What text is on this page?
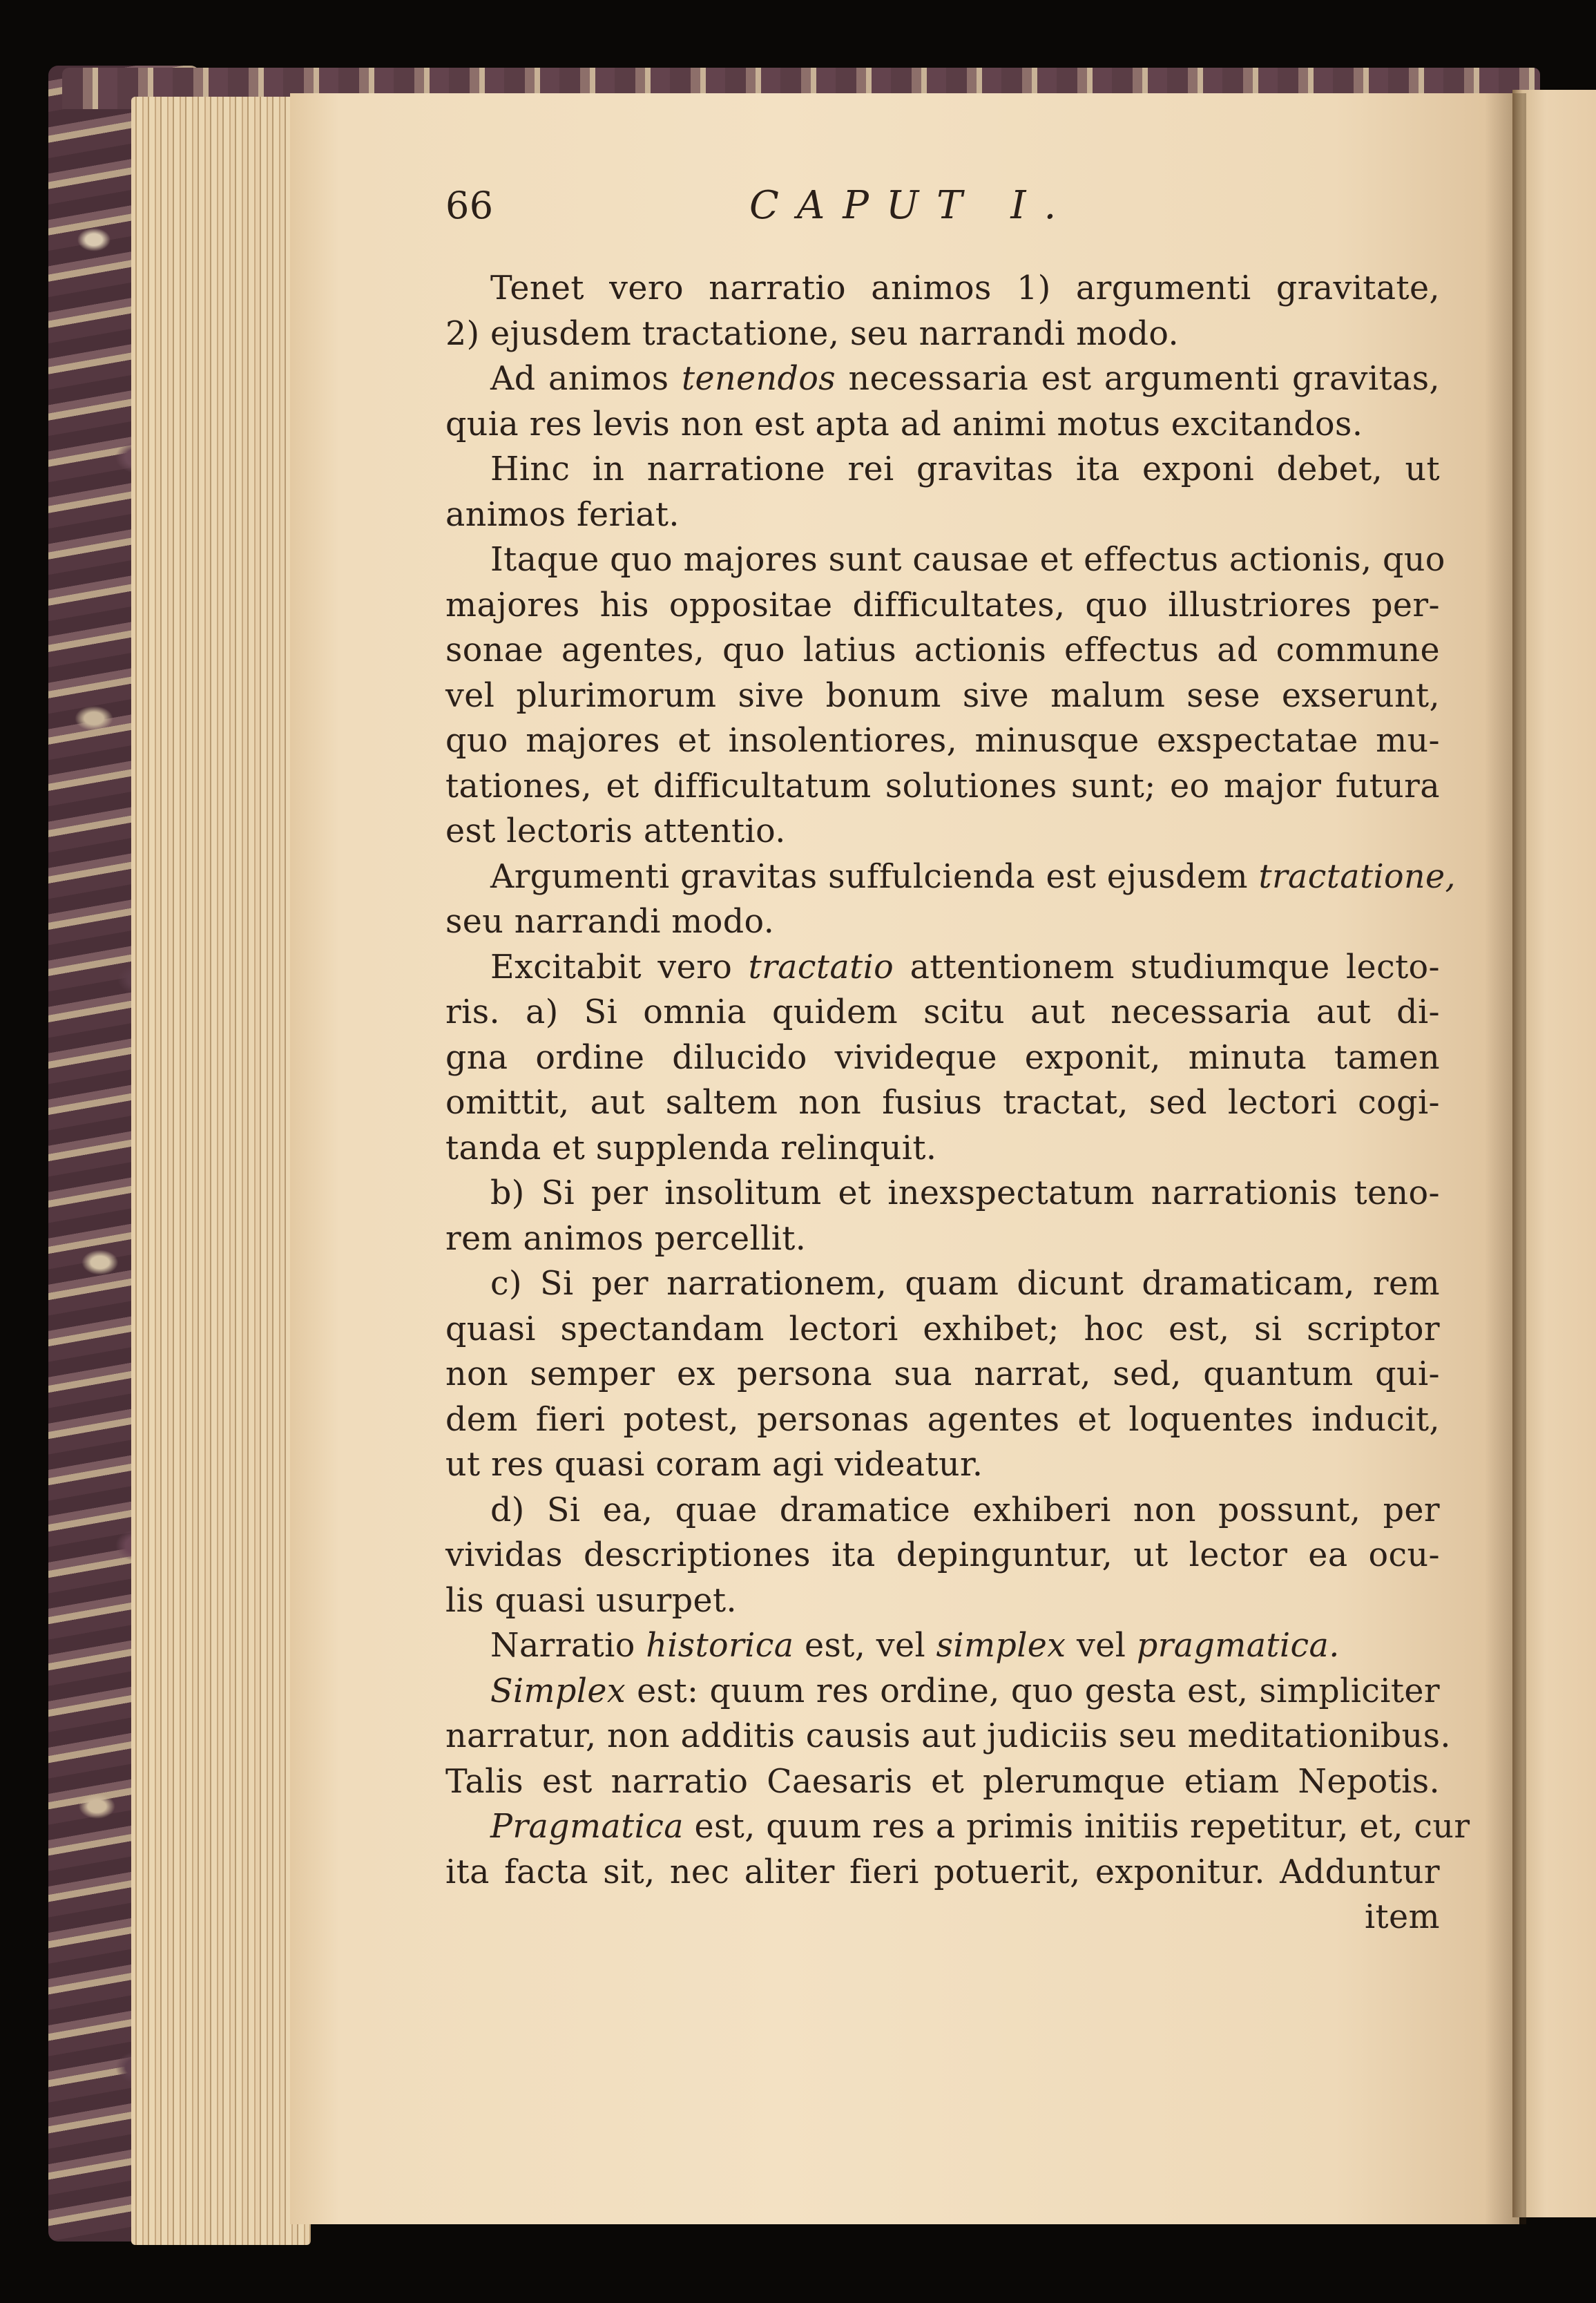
66	CAPUT I.
Tenet vero narratio animos 1) argumenti gravitate,
2) ejusdem tractatione, seu narrandi modo.
Ad animos tenendos necessaria est argumenti gravitas,
quia res levis non est apta ad animi motus excitandos.
Hinc in narratione rei gravitas ita exponi debet, ut
animos feriat.
Itaque quo majores sunt causae et effectus actionis, quo
majores his oppositae difficultates, quo illustriores per-
sonae agentes, quo latius actionis effectus ad commune
vel plurimorum sive bonum sive malum sese exserunt,
quo majores et insolentiores, minusque exspectatae mu-
tationes, et difficultatum solutiones sunt; eo major futura
est lectoris attentio.
Argumenti gravitas suffulcienda est ejusdem tractatione,
seu narrandi modo.
Excitabit vero tractatio attentionem studiumque lecto-
ris. a) Si omnia quidem scitu aut necessaria aut di-
gna ordine dilucido vivideque exponit, minuta tamen
omittit, aut saltem non fusius tractat, sed lectori cogi-
tanda et supplenda relinquit.
b) Si per insolitum et inexspectatum narrationis teno-
rem animos percellit.
c) Si per narrationem, quam dicunt dramaticam, rem
quasi spectandam lectori exhibet; hoc est, si scriptor
non semper ex persona sua narrat, sed, quantum qui-
dem fieri potest, personas agentes et loquentes inducit,
ut res quasi coram agi videatur.
d) Si ea, quae dramatice exhiberi non possunt, per
vividas descriptiones ita depinguntur, ut lector ea ocu-
lis quasi usurpet.
Narratio historica est, vel simplex vel pragmatica.
Simplex est: quum res ordine, quo gesta est, simpliciter
narratur, non additis causis aut judiciis seu meditationibus.
Talis est narratio Caesaris et plerumque etiam Nepotis.
Pragmatica est, quum res a primis initiis repetitur, et, cur
ita facta sit, nec aliter fieri potuerit, exponitur. Adduntur
item
